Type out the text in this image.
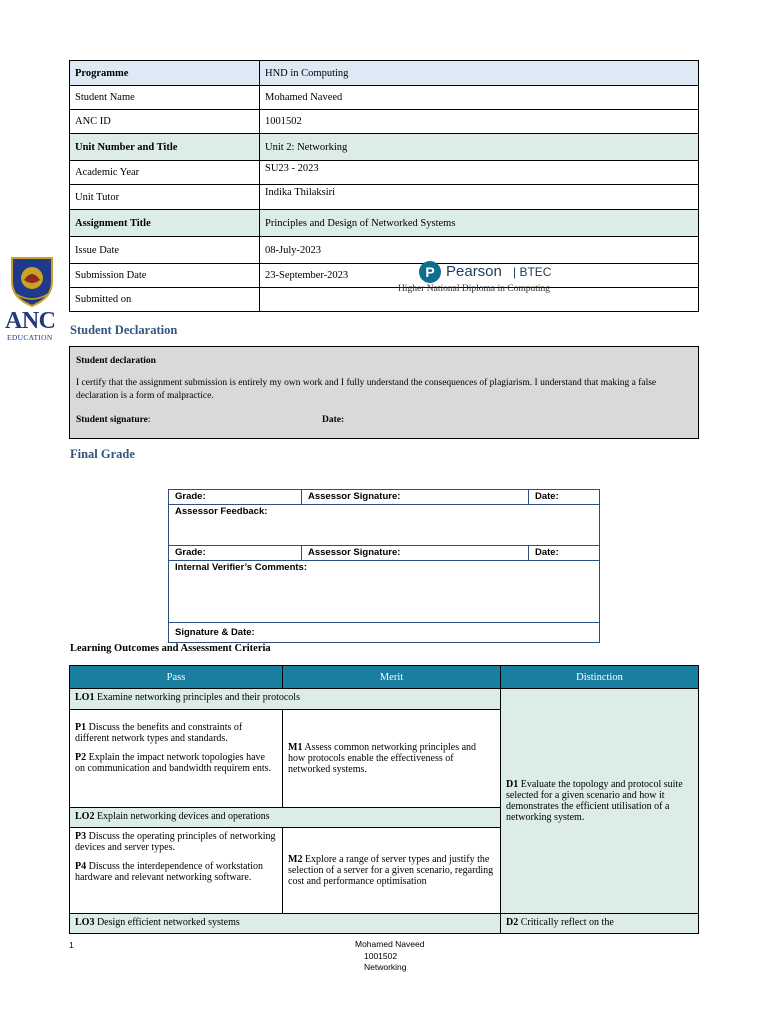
Programme	HND in Computing
Student Name	Mohamed Naveed
ANC ID	1001502
Unit Number and Title	Unit 2: Networking
Academic Year	SU23 - 2023
Unit Tutor	Indika Thilaksiri
Assignment Title	Principles and Design of Networked Systems
Issue Date	08-July-2023
Submission Date	23-September-2023
Submitted on	
ANC
EDUCATION
P Pearson | BTEC
Higher National Diploma in Computing
Student Declaration
Student declaration
I certify that the assignment submission is entirely my own work and I fully understand the consequences of plagiarism. I understand that making a false declaration is a form of malpractice.
Student signature:	Date:
Final Grade
Grade:	Assessor Signature:	Date:
Assessor Feedback:		
Grade:	Assessor Signature:	Date:
Internal Verifier’s Comments:		
Signature & Date:		
Learning Outcomes and Assessment Criteria
Pass	Merit	Distinction
LO1 Examine networking principles and their protocols		D1 Evaluate the topology and protocol suite selected for a given scenario and how it demonstrates the efficient utilisation of a networking system.

P1 Discuss the benefits and constraints of different network types and standards.

P2 Explain the impact network topologies have on communication and bandwidth requirem ents.	M1 Assess common networking principles and how protocols enable the effectiveness of networked systems.	
LO2 Explain networking devices and operations		

P3 Discuss the operating principles of networking devices and server types.

P4 Discuss the interdependence of workstation hardware and relevant networking software.	M2 Explore a range of server types and justify the selection of a server for a given scenario, regarding cost and performance optimisation	
LO3 Design efficient networked systems		D2 Critically reflect on the
1	Mohamed Naveed
1001502
Networking
